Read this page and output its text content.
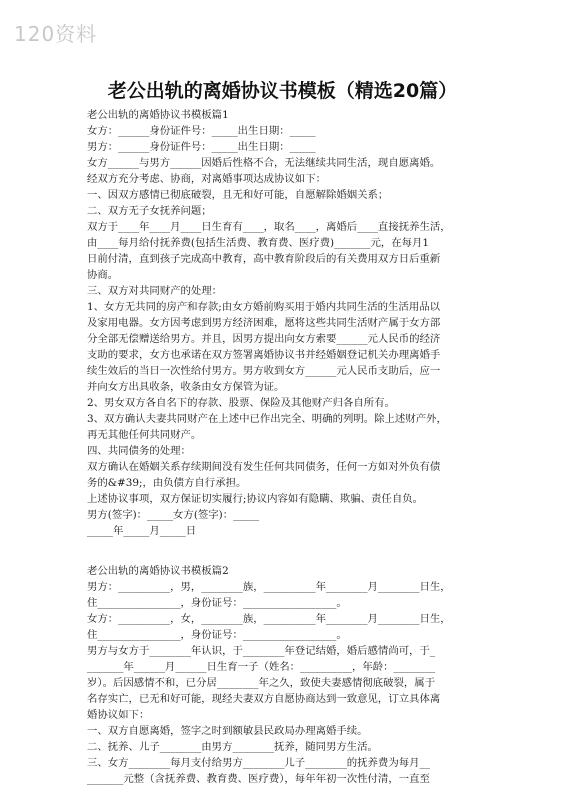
120资料
老公出轨的离婚协议书模板（精选20篇）
老公出轨的离婚协议书模板篇1
女方：______身份证件号：_____出生日期：_____
男方：______身份证件号：_____出生日期：_____
女方______与男方______因婚后性格不合，无法继续共同生活，现自愿离婚。
经双方充分考虑、协商，对离婚事项达成协议如下：
一、因双方感情已彻底破裂，且无和好可能，自愿解除婚姻关系；
二、双方无子女抚养问题；
双方于____年____月____日生育有____，取名____，离婚后____直接抚养生活，
由____每月给付抚养费(包括生活费、教育费、医疗费)_______元，在每月1
日前付清，直到孩子完成高中教育，高中教育阶段后的有关费用双方日后重新
协商。
三、双方对共同财产的处理：
1、女方无共同的房产和存款;由女方婚前购买用于婚内共同生活的生活用品以
及家用电器。女方因考虑到男方经济困难，愿将这些共同生活财产属于女方部
分全部无偿赠送给男方。并且，因男方提出向女方索要______元人民币的经济
支助的要求，女方也承诺在双方签署离婚协议书并经婚姻登记机关办理离婚手
续生效后的当日一次性给付男方。男方收到女方______元人民币支助后，应一
并向女方出具收条，收条由女方保管为证。
2、男女双方各自名下的存款、股票、保险及其他财产归各自所有。
3、双方确认夫妻共同财产在上述中已作出完全、明确的列明。除上述财产外，
再无其他任何共同财产。
四、共同债务的处理：
双方确认在婚姻关系存续期间没有发生任何共同债务，任何一方如对外负有债
务的&#39;，由负债方自行承担。
上述协议事项，双方保证切实履行;协议内容如有隐瞒、欺骗、责任自负。
男方(签字)：_____女方(签字)：_____
_____年_____月_____日
老公出轨的离婚协议书模板篇2
男方：__________，男，________族，__________年________月________日生，
住________________，身份证号：__________________。
女方：__________，女，________族，__________年________月________日生，
住________________，身份证号：__________________。
男方与女方于________年认识，于________年登记结婚，婚后感情尚可，于_
_______年______月______日生育一子（姓名：__________，年龄：________
岁）。后因感情不和，已分居________年之久，致使夫妻感情彻底破裂，属于
名存实亡，已无和好可能，现经夫妻双方自愿协商达到一致意见，订立具体离
婚协议如下：
一、双方自愿离婚，签字之时到额敏县民政局办理离婚手续。
二、抚养、儿子________由男方________抚养，随同男方生活。
三、女方________每月支付给男方________儿子________的抚养费为每月__
_______元整（含抚养费、教育费、医疗费），每年年初一次性付清，一直至
